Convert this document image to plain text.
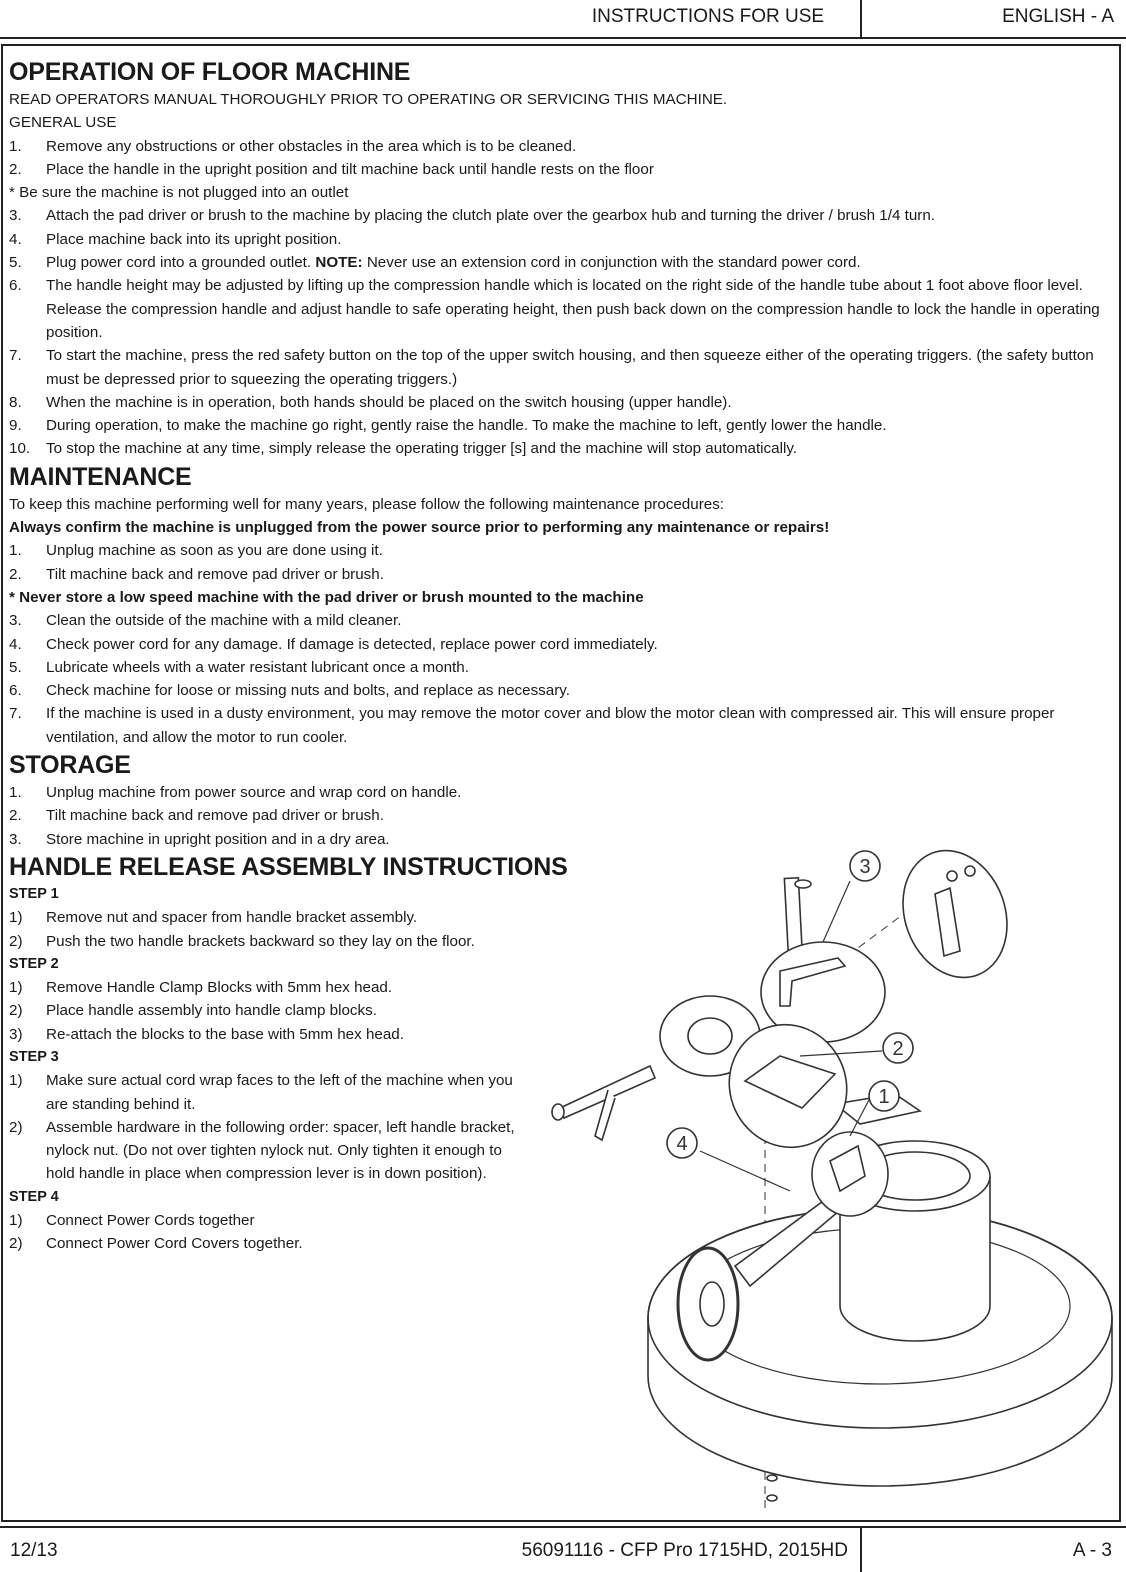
INSTRUCTIONS FOR USE	ENGLISH - A
OPERATION OF FLOOR MACHINE
READ OPERATORS MANUAL THOROUGHLY PRIOR TO OPERATING OR SERVICING THIS MACHINE.
GENERAL USE
1.	Remove any obstructions or other obstacles in the area which is to be cleaned.
2.	Place the handle in the upright position and tilt machine back until handle rests on the floor
* Be sure the machine is not plugged into an outlet
3.	Attach the pad driver or brush to the machine by placing the clutch plate over the gearbox hub and turning the driver / brush 1/4 turn.
4.	Place machine back into its upright position.
5.	Plug power cord into a grounded outlet. NOTE: Never use an extension cord in conjunction with the standard power cord.
6.	The handle height may be adjusted by lifting up the compression handle which is located on the right side of the handle tube about 1 foot above floor level. Release the compression handle and adjust handle to safe operating height, then push back down on the compression handle to lock the handle in operating position.
7.	To start the machine, press the red safety button on the top of the upper switch housing, and then squeeze either of the operating triggers. (the safety button must be depressed prior to squeezing the operating triggers.)
8.	When the machine is in operation, both hands should be placed on the switch housing (upper handle).
9.	During operation, to make the machine go right, gently raise the handle. To make the machine to left, gently lower the handle.
10.	To stop the machine at any time, simply release the operating trigger [s] and the machine will stop automatically.
MAINTENANCE
To keep this machine performing well for many years, please follow the following maintenance procedures:
Always confirm the machine is unplugged from the power source prior to performing any maintenance or repairs!
1.	Unplug machine as soon as you are done using it.
2.	Tilt machine back and remove pad driver or brush.
* Never store a low speed machine with the pad driver or brush mounted to the machine
3.	Clean the outside of the machine with a mild cleaner.
4.	Check power cord for any damage. If damage is detected, replace power cord immediately.
5.	Lubricate wheels with a water resistant lubricant once a month.
6.	Check machine for loose or missing nuts and bolts, and replace as necessary.
7.	If the machine is used in a dusty environment, you may remove the motor cover and blow the motor clean with compressed air. This will ensure proper ventilation, and allow the motor to run cooler.
STORAGE
1.	Unplug machine from power source and wrap cord on handle.
2.	Tilt machine back and remove pad driver or brush.
3.	Store machine in upright position and in a dry area.
HANDLE RELEASE ASSEMBLY INSTRUCTIONS
STEP 1
1)	Remove nut and spacer from handle bracket assembly.
2)	Push the two handle brackets backward so they lay on the floor.
STEP 2
1)	Remove Handle Clamp Blocks with 5mm hex head.
2)	Place handle assembly into handle clamp blocks.
3)	Re-attach the blocks to the base with 5mm hex head.
STEP 3
1)	Make sure actual cord wrap faces to the left of the machine when you are standing behind it.
2)	Assemble hardware in the following order: spacer, left handle bracket, nylock nut. (Do not over tighten nylock nut. Only tighten it enough to hold handle in place when compression lever is in down position).
STEP 4
1)	Connect Power Cords together
2)	Connect Power Cord Covers together.
3
2
1
4
12/13	56091116 - CFP Pro 1715HD, 2015HD	A - 3
